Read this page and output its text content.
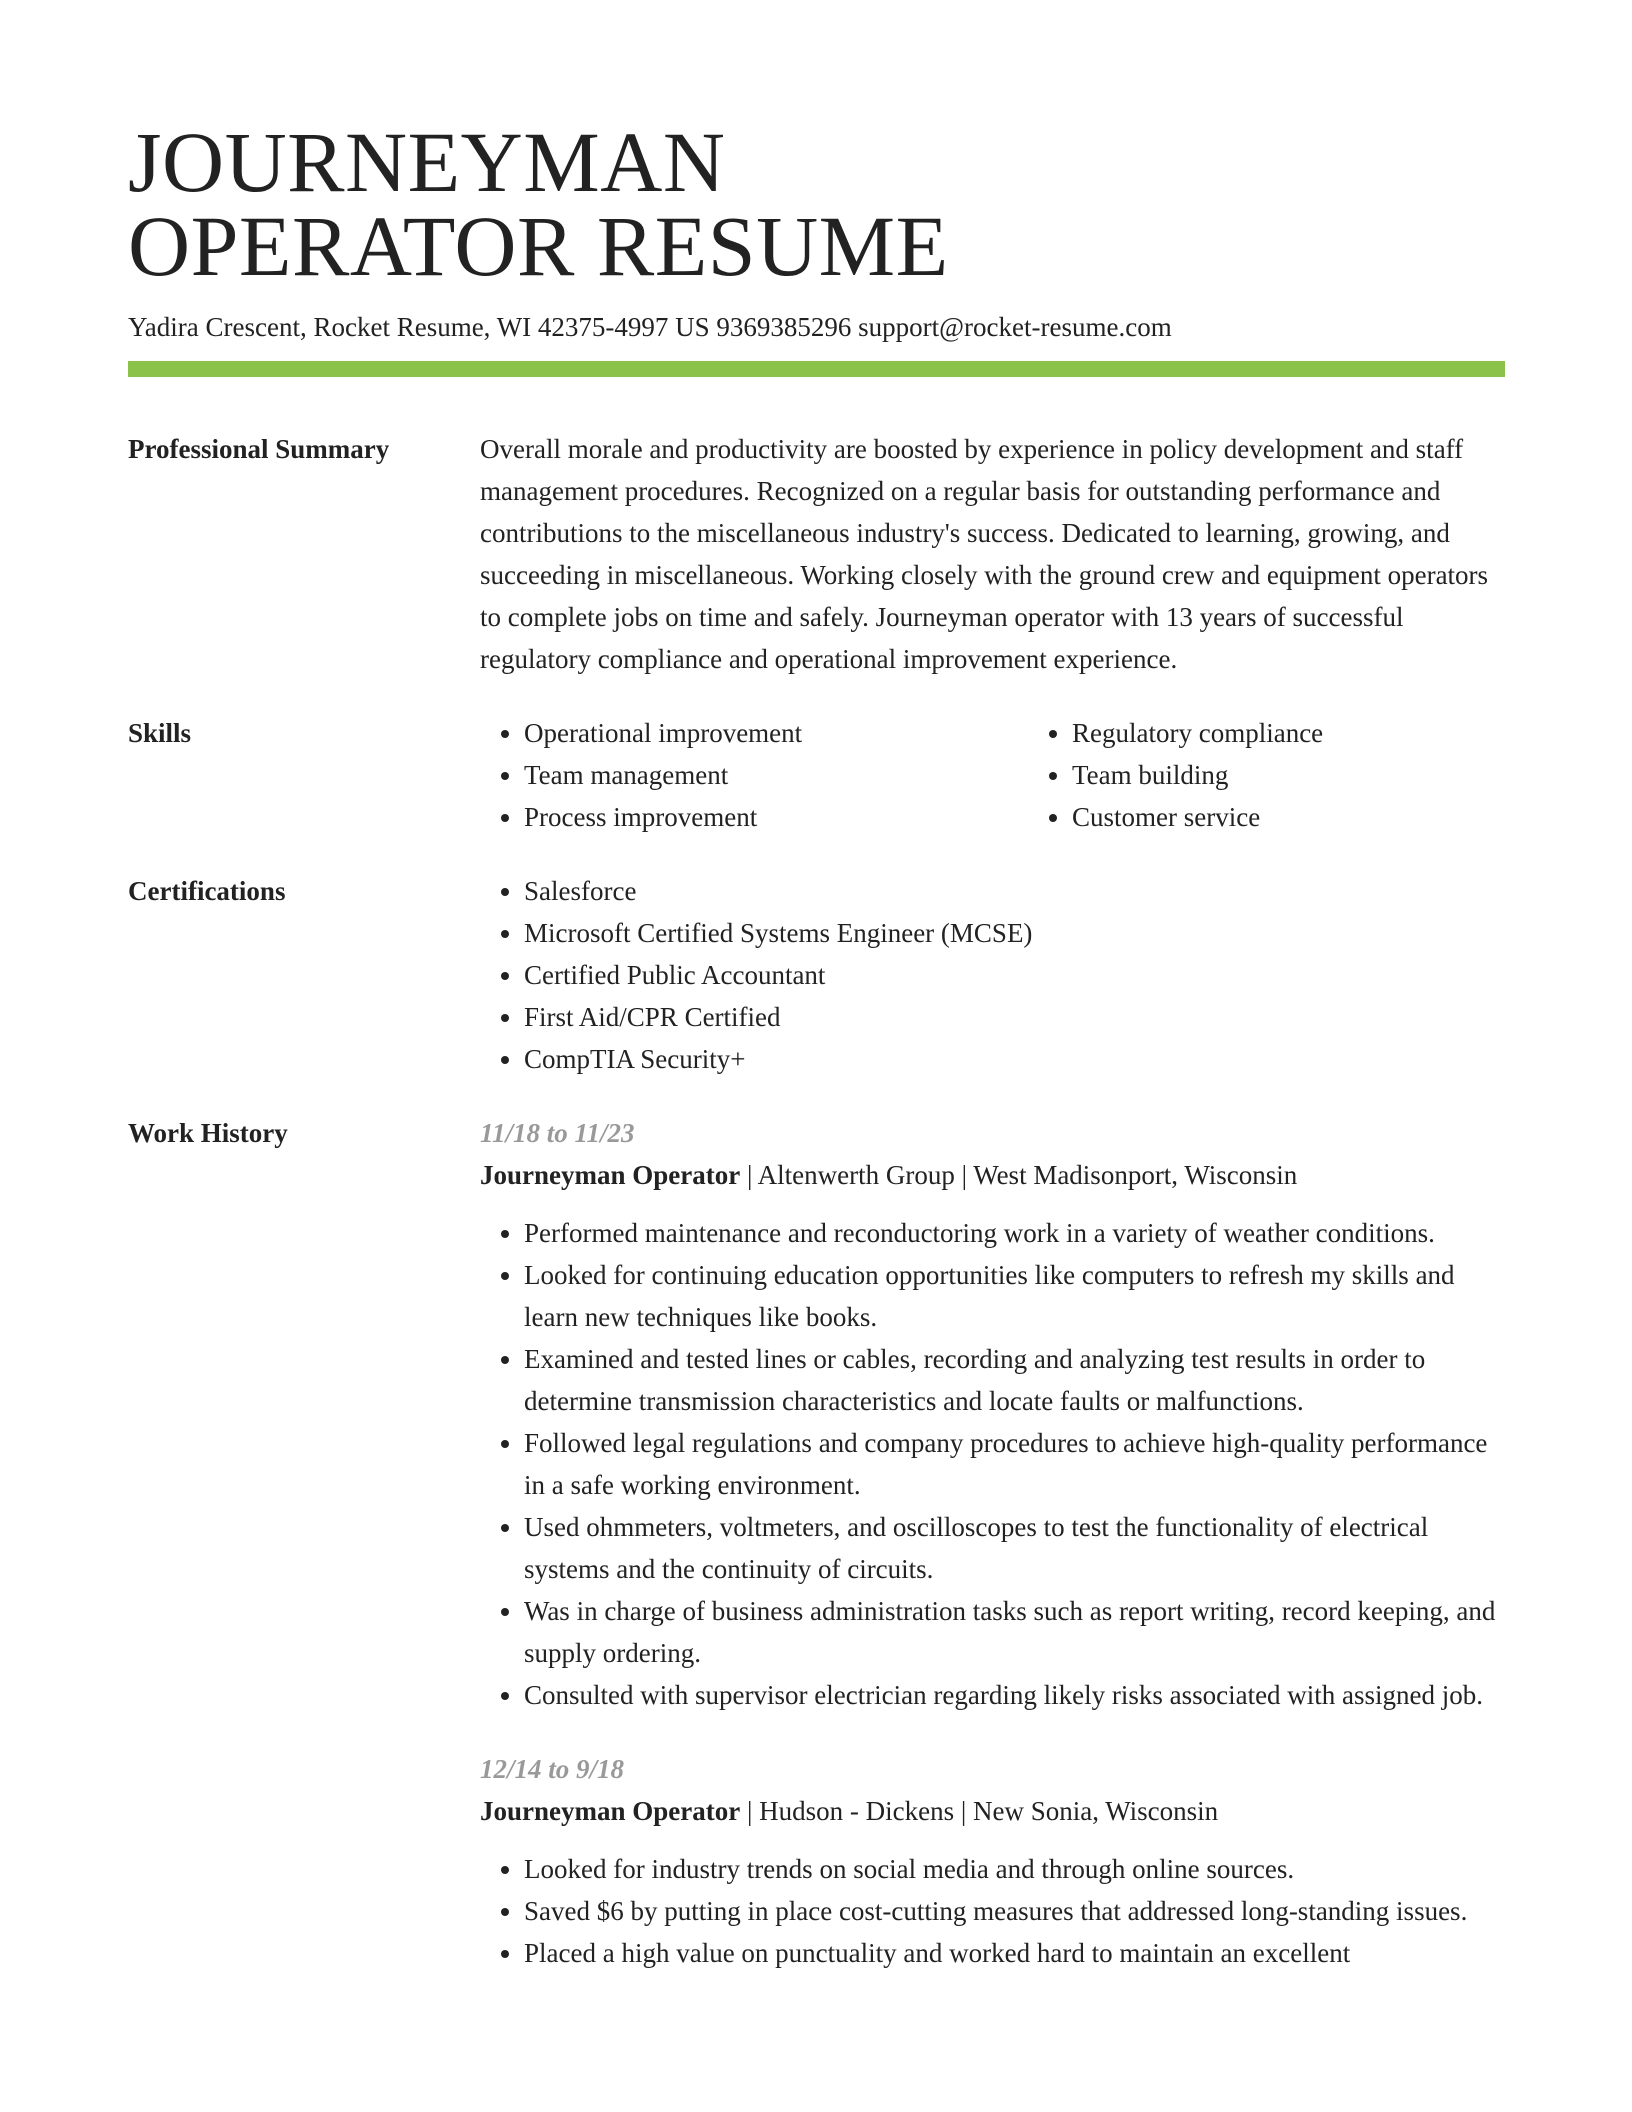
JOURNEYMAN
OPERATOR RESUME
Yadira Crescent, Rocket Resume, WI 42375-4997 US 9369385296 support@rocket-resume.com
Professional Summary	Overall morale and productivity are boosted by experience in policy development and staff management procedures. Recognized on a regular basis for outstanding performance and contributions to the miscellaneous industry's success. Dedicated to learning, growing, and succeeding in miscellaneous. Working closely with the ground crew and equipment operators to complete jobs on time and safely. Journeyman operator with 13 years of successful regulatory compliance and operational improvement experience.

Skills	• Operational improvement
• Team management
• Process improvement
• Regulatory compliance
• Team building
• Customer service
Certifications	• Salesforce
• Microsoft Certified Systems Engineer (MCSE)
• Certified Public Accountant
• First Aid/CPR Certified
• CompTIA Security+
Work History	11/18 to 11/23
Journeyman Operator | Altenwerth Group | West Madisonport, Wisconsin
• Performed maintenance and reconductoring work in a variety of weather conditions.
• Looked for continuing education opportunities like computers to refresh my skills and learn new techniques like books.
• Examined and tested lines or cables, recording and analyzing test results in order to determine transmission characteristics and locate faults or malfunctions.
• Followed legal regulations and company procedures to achieve high-quality performance in a safe working environment.
• Used ohmmeters, voltmeters, and oscilloscopes to test the functionality of electrical systems and the continuity of circuits.
• Was in charge of business administration tasks such as report writing, record keeping, and supply ordering.
• Consulted with supervisor electrician regarding likely risks associated with assigned job.
12/14 to 9/18
Journeyman Operator | Hudson - Dickens | New Sonia, Wisconsin
• Looked for industry trends on social media and through online sources.
• Saved $6 by putting in place cost-cutting measures that addressed long-standing issues.
• Placed a high value on punctuality and worked hard to maintain an excellent
